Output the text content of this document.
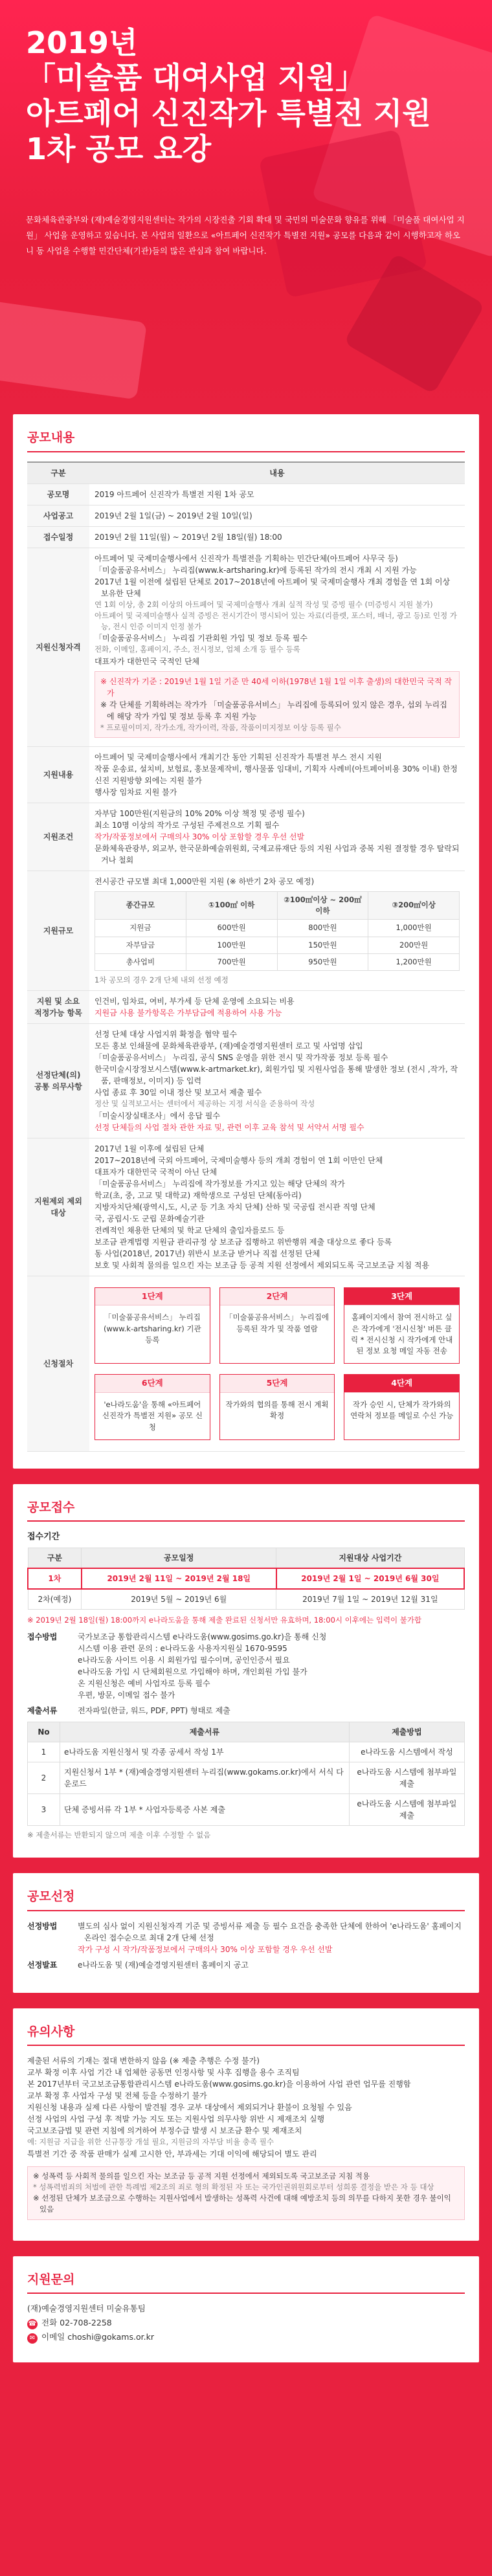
2019년
「미술품 대여사업 지원」
아트페어 신진작가 특별전 지원
1차 공모 요강

문화체육관광부와 (재)예술경영지원센터는 작가의 시장진출 기회 확대 및 국민의 미술문화 향유를 위해 「미술품 대여사업 지원」 사업을 운영하고 있습니다. 본 사업의 일환으로 «아트페어 신진작가 특별전 지원» 공모를 다음과 같이 시행하고자 하오니 동 사업을 수행할 민간단체(기관)들의 많은 관심과 참여 바랍니다.

공모내용
구분	내용
공모명	2019 아트페어 신진작가 특별전 지원 1차 공모
사업공고	2019년 2월 1일(금) ~ 2019년 2월 10일(일)
접수일정	2019년 2월 11일(월) ~ 2019년 2월 18일(월) 18:00
지원신청자격	
아트페어 및 국제미술행사에서 신진작가 특별전을 기획하는 민간단체(아트페어 사무국 등)
「미술품공유서비스」 누리집(www.k-artsharing.kr)에 등록된 작가의 전시 개최 시 지원 가능
2017년 1월 이전에 설립된 단체로 2017~2018년에 아트페어 및 국제미술행사 개최 경험을 연 1회 이상 보유한 단체
연 1회 이상, 총 2회 이상의 아트페어 및 국제미술행사 개최 실적 작성 및 증빙 필수 (미증빙시 지원 불가)
아트페어 및 국제미술행사 실적 증빙은 전시기간이 명시되어 있는 자료(리플렛, 포스터, 배너, 광고 등)로 인정 가능, 전시 인증 이미지 인정 불가
「미술품공유서비스」 누리집 기관회원 가입 및 정보 등록 필수
전화, 이메일, 홈페이지, 주소, 전시정보, 업체 소개 등 필수 등록
대표자가 대한민국 국적인 단체
※ 신진작가 기준 : 2019년 1월 1일 기준 만 40세 이하(1978년 1월 1일 이후 출생)의 대한민국 국적 작가
※ 각 단체를 기획하려는 작가가 「미술품공유서비스」 누리집에 등록되어 있지 않은 경우, 섭외 누리집에 해당 작가 가입 및 정보 등록 후 지원 가능
* 프로필이미지, 작가소개, 작가이력, 작품, 작품이미지정보 이상 등록 필수

지원내용	
아트페어 및 국제미술행사에서 개최기간 동안 기획된 신진작가 특별전 부스 전시 지원
작품 운송료, 설치비, 보험료, 홍보물제작비, 행사물품 임대비, 기획자 사례비(아트페어비용 30% 이내) 한정
신진 지원방향 외에는 지원 불가
행사장 임차료 지원 불가

지원조건	
자부담 100만원(지원금의 10% 20% 이상 책정 및 증빙 필수)
최소 10명 이상의 작가로 구성된 주제전으로 기획 필수
작가/작품정보에서 구매의사 30% 이상 포함할 경우 우선 선발
문화체육관광부, 외교부, 한국문화예술위원회, 국제교류재단 등의 지원 사업과 중복 지원 결정할 경우 탈락되거나 철회

지원규모	
전시공간 규모별 최대 1,000만원 지원 (※ 하반기 2차 공모 예정)
종간규모	①100㎡ 이하	②100㎡이상 ~ 200㎡이하	③200㎡이상
지원금	600만원	800만원	1,000만원
자부담금	100만원	150만원	200만원
총사업비	700만원	950만원	1,200만원
1차 공모의 경우 2개 단체 내외 선정 예정

지원 및 소요 적정가능 항목	
인건비, 임차료, 여비, 부가세 등 단체 운영에 소요되는 비용
지원금 사용 불가항목은 가부담금에 적용하여 사용 가능

선정단체(의) 공통 의무사항	
선정 단체 대상 사업지위 확정을 협약 필수
모든 홍보 인쇄물에 문화체육관광부, (재)예술경영지원센터 로고 및 사업명 삽입
「미술품공유서비스」 누리집, 공식 SNS 운영을 위한 전시 및 작가작품 정보 등록 필수
한국미술시장정보시스템(www.k-artmarket.kr), 회원가입 및 지원사업을 통해 발생한 정보 (전시 ,작가, 작품, 판매정보, 이미지) 등 입력
사업 종료 후 30일 이내 정산 및 보고서 제출 필수
정산 및 실적보고서는 센터에서 제공하는 지정 서식을 준용하여 작성
「미술시장실태조사」에서 응답 필수
선정 단체들의 사업 절차 관한 자료 및, 관련 이후 교육 참석 및 서약서 서명 필수

지원제외 제외대상	
2017년 1월 이후에 설립된 단체
2017~2018년에 국외 아트페어, 국제미술행사 등의 개최 경험이 연 1회 이만인 단체
대표자가 대한민국 국적이 아닌 단체
「미술품공유서비스」 누리집에 작가정보를 가지고 있는 해당 단체의 작가
학교(초, 중, 고교 및 대학교) 재학생으로 구성된 단체(동아리)
지방자치단체(광역시,도, 시,군 등 기초 자치 단체) 산하 및 국공립 전시관 직영 단체
국, 공립시·도 군립 문화예술기관
전례적인 채용한 단체의 및 학교 단체의 출입자를로드 등
보조금 관계법령 지원금 관리규정 상 보조금 집행하고 위반행위 제출 대상으로 좋다 등록
동 사업(2018년, 2017년) 위반시 보조금 받거나 직접 선정된 단체
보호 및 사회적 물의를 일으킨 자는 보조금 등 공적 지원 선정에서 제외되도록 국고보조금 지침 적용

신청절차	
1단계
「미술품공유서비스」 누리집(www.k-artsharing.kr) 기관 등록
2단계
「미술품공유서비스」 누리집에 등록된 작가 및 작품 열람
3단계
홈페이지에서 참여 전시하고 싶은 작가에게 '전시신청' 버튼 클릭 * 전시신청 시 작가에게 안내된 정보 요청 메일 자동 전송
6단계
'e나라도움'을 통해 «아트페어 신진작가 특별전 지원» 공모 신청
5단계
작가와의 협의를 통해 전시 계획 확정
4단계
작가 승인 시, 단체가 작가와의 연락처 정보를 메일로 수신 가능
공모접수
접수기간
구분	공모일정	지원대상 사업기간
1차	2019년 2월 11일 ~ 2019년 2월 18일	2019년 2월 1일 ~ 2019년 6월 30일
2차(예정)	2019년 5월 ~ 2019년 6월	2019년 7월 1일 ~ 2019년 12월 31일

※ 2019년 2월 18일(월) 18:00까지 e나라도움을 통해 제출 완료된 신청서만 유효하며, 18:00시 이후에는 입력이 불가합

접수방법	국가보조금 통합관리시스템 e나라도움(www.gosims.go.kr)을 통해 신청
시스템 이용 관련 문의 : e나라도움 사용자지원실 1670-9595
e나라도움 사이트 이용 시 회원가입 필수이며, 공인인증서 필요
e나라도움 가입 시 단체회원으로 가입해야 하며, 개인회원 가입 불가
온 지원신청은 예비 사업자로 등록 필수
우편, 방문, 이메일 접수 불가
제출서류	전자파일(한글, 워드, PDF, PPT) 형태로 제출
No	제출서류	제출방법
1	e나라도움 지원신청서 및 각종 공세서 작성 1부	e나라도움 시스템에서 작성
2	지원신청서 1부 * (재)예술경영지원센터 누리집(www.gokams.or.kr)에서 서식 다운로드	e나라도움 시스템에 첨부파일 제출
3	단체 증빙서류 각 1부 * 사업자등록증 사본 제출	e나라도움 시스템에 첨부파일 제출

※ 제출서류는 반환되지 않으며 제출 이후 수정할 수 없음

공모선정
선정방법	별도의 심사 없이 지원신청자격 기준 및 증빙서류 제출 등 필수 요건을 충족한 단체에 한하여 'e나라도움' 홈페이지 온라인 접수순으로 최대 2개 단체 선정
작가 구성 시 작가/작품정보에서 구매의사 30% 이상 포함할 경우 우선 선발
선정발표	e나라도움 및 (재)예술경영지원센터 홈페이지 공고
유의사항
제출된 서류의 기재는 절대 변한하지 않음 (※ 제출 추행은 수정 불가)
교부 확정 이후 사업 기간 내 업체한 공동면 인정사항 및 사후 집행을 용수 조직팀
본 2017년부터 국고보조금통합관리시스템 e나라도움(www.gosims.go.kr)을 이용하여 사업 관련 업무를 진행함
교부 확정 후 사업자 구성 및 전체 등을 수정하기 불가
지원신청 내용과 실제 다른 사항이 발견될 경우 교부 대상에서 제외되거나 환불이 요청될 수 있음
선정 사업의 사업 구성 후 적발 가능 지도 또는 지원사업 의무사항 위반 시 제재조치 실행
국고보조금법 및 관련 지침에 의거하여 부정수급 발생 시 보조금 환수 및 제재조치
예: 지원금 지급을 위한 신규통장 개설 필요, 지원금의 자부담 비율 충족 필수
특별전 기간 중 작품 판매가 실제 고시한 안, 부과세는 기대 이익에 해당되어 별도 관리
※ 성폭력 등 사회적 물의를 일으킨 자는 보조금 등 공적 지원 선정에서 제외되도록 국고보조금 지침 적용
* 성폭력범죄의 처벌에 관한 특례법 제2조의 죄로 형의 확정된 자 또는 국가인권위원회로부터 성희롱 결정을 받은 자 등 대상
※ 선정된 단체가 보조금으로 수행하는 지원사업에서 발생하는 성폭력 사건에 대해 예방조치 등의 의무를 다하지 못한 경우 불이익 있음
지원문의

(재)예술경영지원센터 미술유통팀

☎ 전화 02-708-2258

✉ 이메일 choshi@gokams.or.kr
